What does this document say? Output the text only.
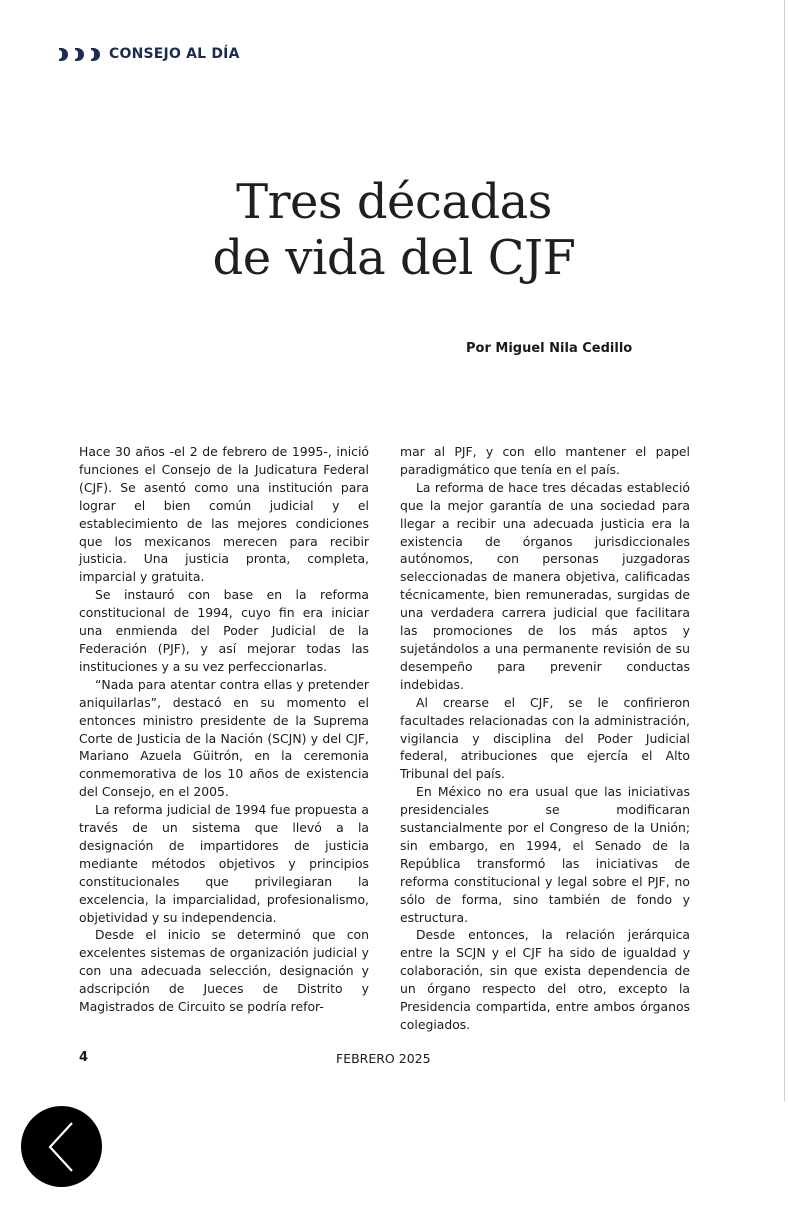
CONSEJO AL DÍA
Tres décadas
de vida del CJF
Por Miguel Nila Cedillo

Hace 30 años -el 2 de febrero de 1995-, inició funciones el Consejo de la Judicatura Federal (CJF). Se asentó como una institución para lograr el bien común judicial y el establecimiento de las mejores condiciones que los mexicanos merecen para recibir justicia. Una justicia pronta, completa, imparcial y gratuita.

Se instauró con base en la reforma constitucional de 1994, cuyo fin era iniciar una enmienda del Poder Judicial de la Federación (PJF), y así mejorar todas las instituciones y a su vez perfeccionarlas.

“Nada para atentar contra ellas y pretender aniquilarlas”, destacó en su momento el entonces ministro presidente de la Suprema Corte de Justicia de la Nación (SCJN) y del CJF, Mariano Azuela Güitrón, en la ceremonia conmemorativa de los 10 años de existencia del Consejo, en el 2005.

La reforma judicial de 1994 fue propuesta a través de un sistema que llevó a la designación de impartidores de justicia mediante métodos objetivos y principios constitucionales que privilegiaran la excelencia, la imparcialidad, profesionalismo, objetividad y su independencia.

Desde el inicio se determinó que con excelentes sistemas de organización judicial y con una adecuada selección, designación y adscripción de Jueces de Distrito y Magistrados de Circuito se podría refor-

mar al PJF, y con ello mantener el papel paradigmático que tenía en el país.

La reforma de hace tres décadas estableció que la mejor garantía de una sociedad para llegar a recibir una adecuada justicia era la existencia de órganos jurisdiccionales autónomos, con personas juzgadoras seleccionadas de manera objetiva, calificadas técnicamente, bien remuneradas, surgidas de una verdadera carrera judicial que facilitara las promociones de los más aptos y sujetándolos a una permanente revisión de su desempeño para prevenir conductas indebidas.

Al crearse el CJF, se le confirieron facultades relacionadas con la administración, vigilancia y disciplina del Poder Judicial federal, atribuciones que ejercía el Alto Tribunal del país.

En México no era usual que las iniciativas presidenciales se modificaran sustancialmente por el Congreso de la Unión; sin embargo, en 1994, el Senado de la República transformó las iniciativas de reforma constitucional y legal sobre el PJF, no sólo de forma, sino también de fondo y estructura.

Desde entonces, la relación jerárquica entre la SCJN y el CJF ha sido de igualdad y colaboración, sin que exista dependencia de un órgano respecto del otro, excepto la Presidencia compartida, entre ambos órganos colegiados.

4	FEBRERO 2025
